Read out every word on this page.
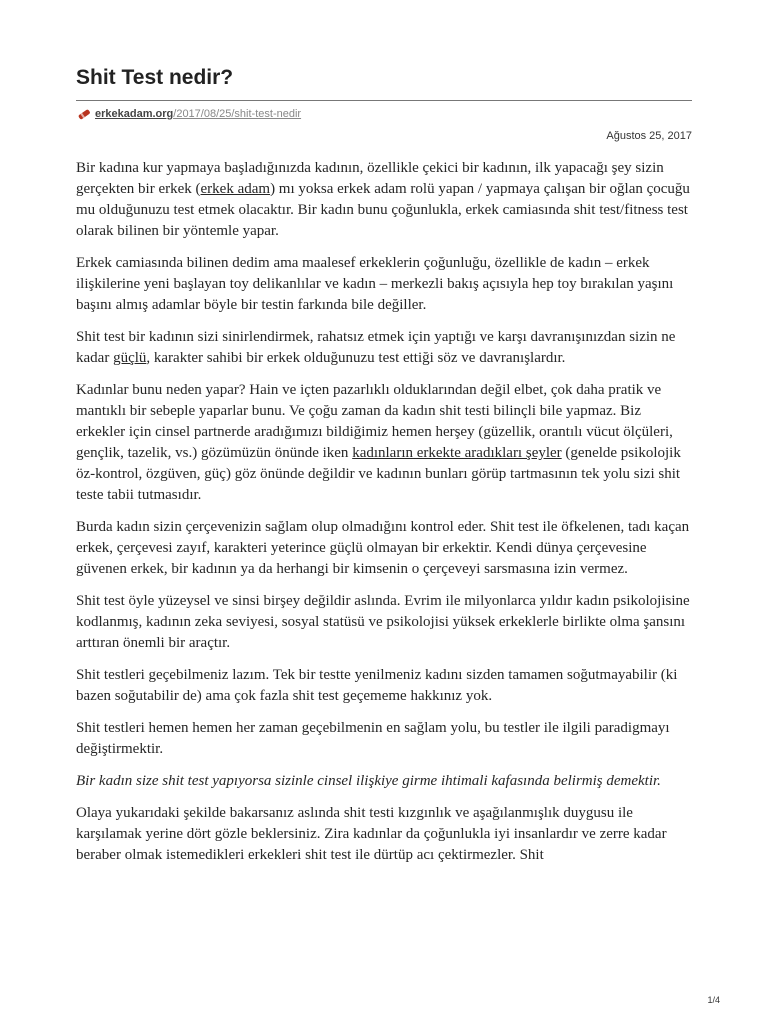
Shit Test nedir?
erkekadam.org /2017/08/25/shit-test-nedir
Ağustos 25, 2017

Bir kadına kur yapmaya başladığınızda kadının, özellikle çekici bir kadının, ilk yapacağı şey sizin gerçekten bir erkek (erkek adam) mı yoksa erkek adam rolü yapan / yapmaya çalışan bir oğlan çocuğu mu olduğunuzu test etmek olacaktır. Bir kadın bunu çoğunlukla, erkek camiasında shit test/fitness test olarak bilinen bir yöntemle yapar.

Erkek camiasında bilinen dedim ama maalesef erkeklerin çoğunluğu, özellikle de kadın – erkek ilişkilerine yeni başlayan toy delikanlılar ve kadın – merkezli bakış açısıyla hep toy bırakılan yaşını başını almış adamlar böyle bir testin farkında bile değiller.

Shit test bir kadının sizi sinirlendirmek, rahatsız etmek için yaptığı ve karşı davranışınızdan sizin ne kadar güçlü, karakter sahibi bir erkek olduğunuzu test ettiği söz ve davranışlardır.

Kadınlar bunu neden yapar? Hain ve içten pazarlıklı olduklarından değil elbet, çok daha pratik ve mantıklı bir sebeple yaparlar bunu. Ve çoğu zaman da kadın shit testi bilinçli bile yapmaz. Biz erkekler için cinsel partnerde aradığımızı bildiğimiz hemen herşey (güzellik, orantılı vücut ölçüleri, gençlik, tazelik, vs.) gözümüzün önünde iken kadınların erkekte aradıkları şeyler (genelde psikolojik öz-kontrol, özgüven, güç) göz önünde değildir ve kadının bunları görüp tartmasının tek yolu sizi shit teste tabii tutmasıdır.

Burda kadın sizin çerçevenizin sağlam olup olmadığını kontrol eder. Shit test ile öfkelenen, tadı kaçan erkek, çerçevesi zayıf, karakteri yeterince güçlü olmayan bir erkektir. Kendi dünya çerçevesine güvenen erkek, bir kadının ya da herhangi bir kimsenin o çerçeveyi sarsmasına izin vermez.

Shit test öyle yüzeysel ve sinsi birşey değildir aslında. Evrim ile milyonlarca yıldır kadın psikolojisine kodlanmış, kadının zeka seviyesi, sosyal statüsü ve psikolojisi yüksek erkeklerle birlikte olma şansını arttıran önemli bir araçtır.

Shit testleri geçebilmeniz lazım. Tek bir testte yenilmeniz kadını sizden tamamen soğutmayabilir (ki bazen soğutabilir de) ama çok fazla shit test geçememe hakkınız yok.

Shit testleri hemen hemen her zaman geçebilmenin en sağlam yolu, bu testler ile ilgili paradigmayı değiştirmektir.

Bir kadın size shit test yapıyorsa sizinle cinsel ilişkiye girme ihtimali kafasında belirmiş demektir.

Olaya yukarıdaki şekilde bakarsanız aslında shit testi kızgınlık ve aşağılanmışlık duygusu ile karşılamak yerine dört gözle beklersiniz. Zira kadınlar da çoğunlukla iyi insanlardır ve zerre kadar beraber olmak istemedikleri erkekleri shit test ile dürtüp acı çektirmezler. Shit

1/4
